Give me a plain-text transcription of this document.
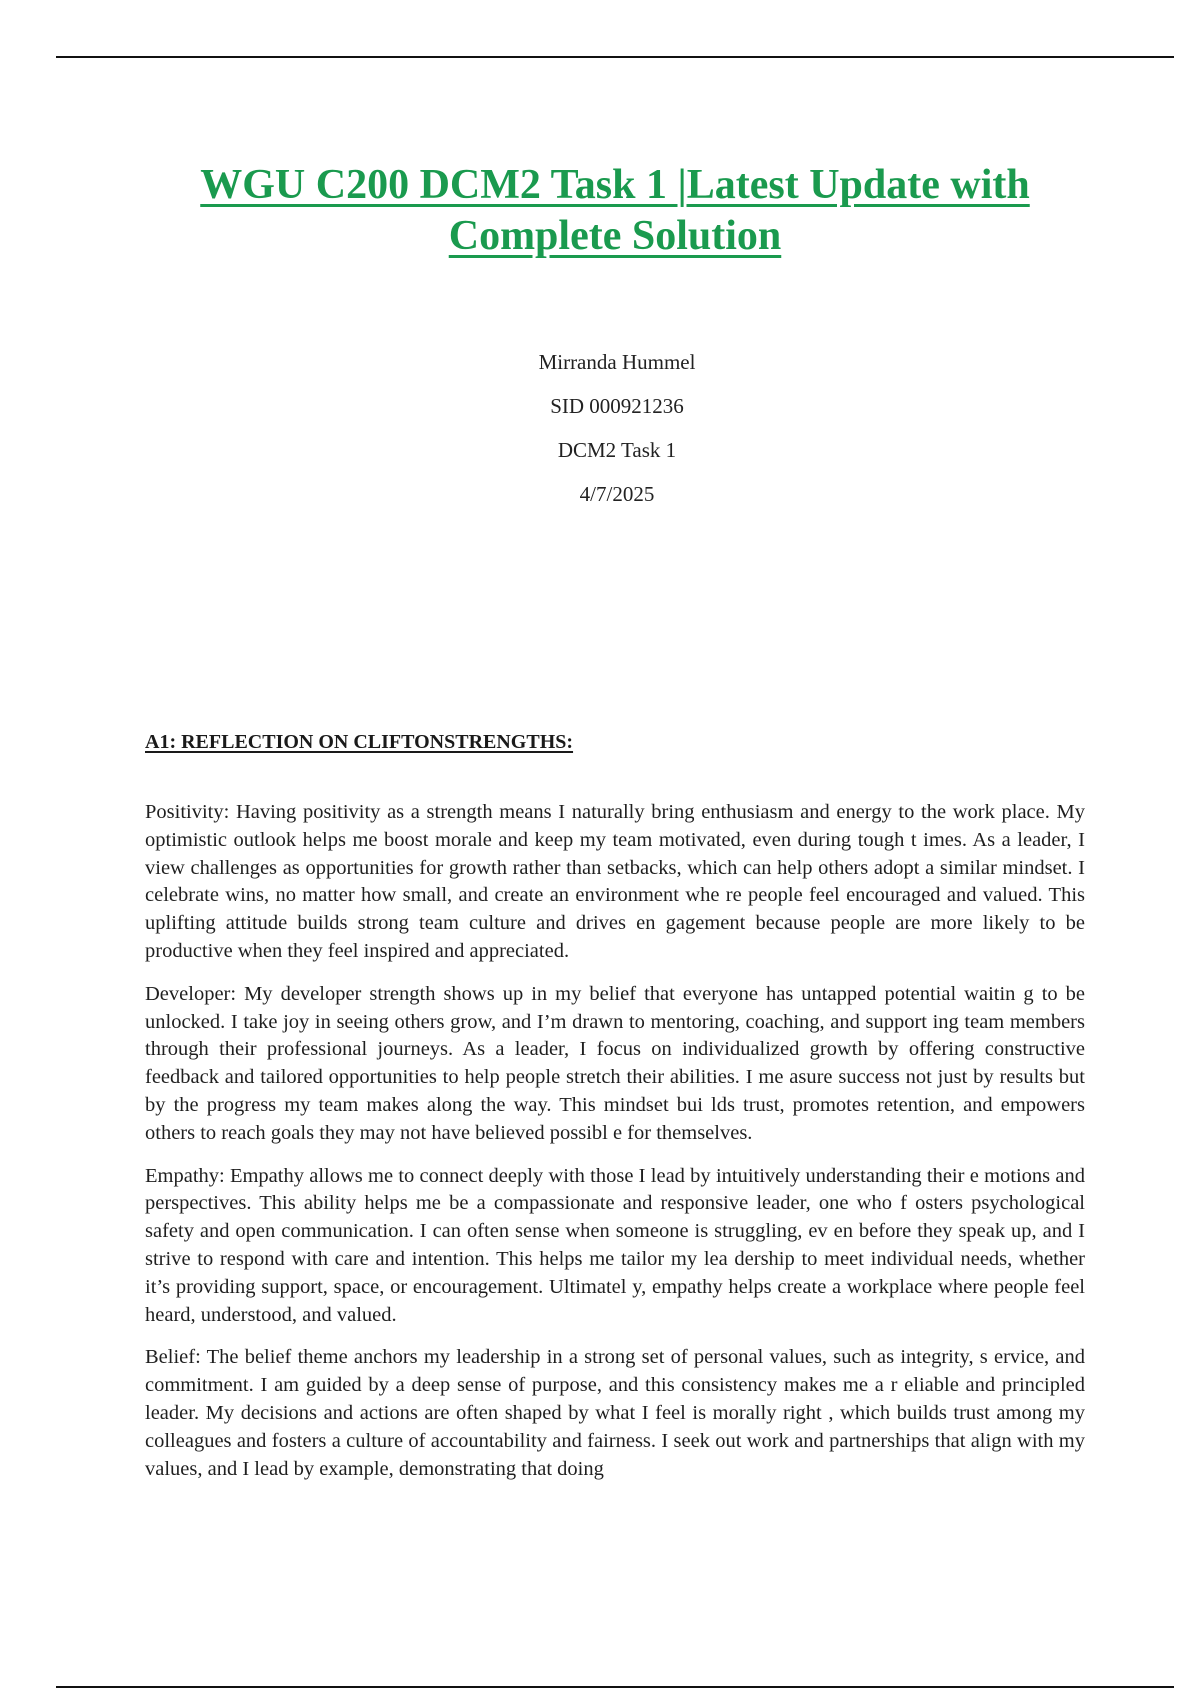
WGU C200 DCM2 Task 1 |Latest Update with
Complete Solution
Mirranda Hummel
SID 000921236
DCM2 Task 1
4/7/2025
A1: REFLECTION ON CLIFTONSTRENGTHS:

Positivity: Having positivity as a strength means I naturally bring enthusiasm and energy to the work place. My optimistic outlook helps me boost morale and keep my team motivated, even during tough t imes. As a leader, I view challenges as opportunities for growth rather than setbacks, which can help others adopt a similar mindset. I celebrate wins, no matter how small, and create an environment whe re people feel encouraged and valued. This uplifting attitude builds strong team culture and drives en gagement because people are more likely to be productive when they feel inspired and appreciated.

Developer: My developer strength shows up in my belief that everyone has untapped potential waitin g to be unlocked. I take joy in seeing others grow, and I’m drawn to mentoring, coaching, and support ing team members through their professional journeys. As a leader, I focus on individualized growth by offering constructive feedback and tailored opportunities to help people stretch their abilities. I me asure success not just by results but by the progress my team makes along the way. This mindset bui lds trust, promotes retention, and empowers others to reach goals they may not have believed possibl e for themselves.

Empathy: Empathy allows me to connect deeply with those I lead by intuitively understanding their e motions and perspectives. This ability helps me be a compassionate and responsive leader, one who f osters psychological safety and open communication. I can often sense when someone is struggling, ev en before they speak up, and I strive to respond with care and intention. This helps me tailor my lea dership to meet individual needs, whether it’s providing support, space, or encouragement. Ultimatel y, empathy helps create a workplace where people feel heard, understood, and valued.

Belief: The belief theme anchors my leadership in a strong set of personal values, such as integrity, s ervice, and commitment. I am guided by a deep sense of purpose, and this consistency makes me a r eliable and principled leader. My decisions and actions are often shaped by what I feel is morally right , which builds trust among my colleagues and fosters a culture of accountability and fairness. I seek out work and partnerships that align with my values, and I lead by example, demonstrating that doing
